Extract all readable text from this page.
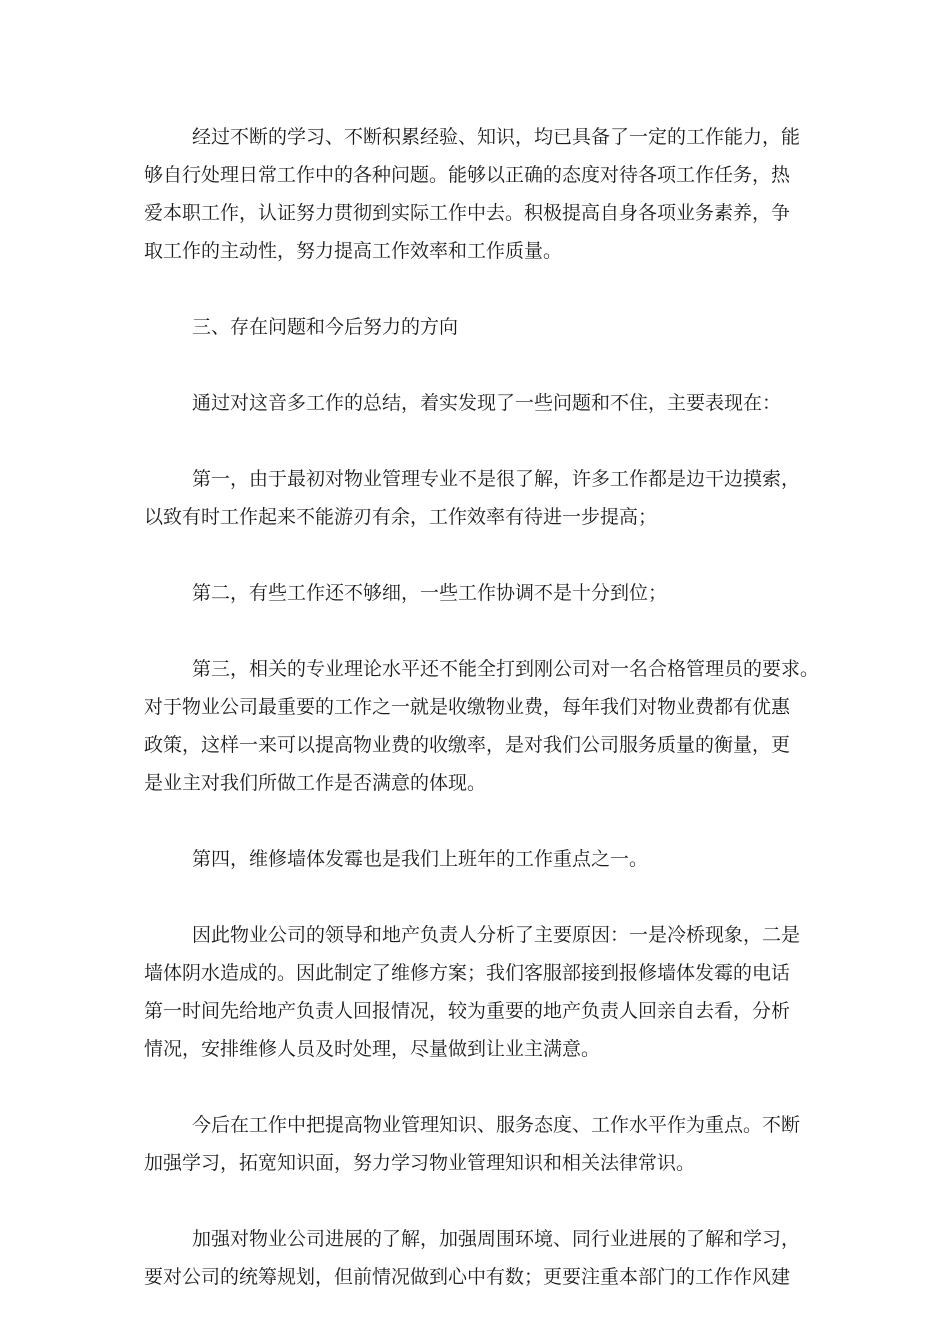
经过不断的学习、不断积累经验、知识，均已具备了一定的工作能力，能
够自行处理日常工作中的各种问题。能够以正确的态度对待各项工作任务，热
爱本职工作，认证努力贯彻到实际工作中去。积极提高自身各项业务素养，争
取工作的主动性，努力提高工作效率和工作质量。
三、存在问题和今后努力的方向
通过对这音多工作的总结，着实发现了一些问题和不住，主要表现在：
第一，由于最初对物业管理专业不是很了解，许多工作都是边干边摸索，
以致有时工作起来不能游刃有余，工作效率有待进一步提高；
第二，有些工作还不够细，一些工作协调不是十分到位；
第三，相关的专业理论水平还不能全打到刚公司对一名合格管理员的要求。
对于物业公司最重要的工作之一就是收缴物业费，每年我们对物业费都有优惠
政策，这样一来可以提高物业费的收缴率，是对我们公司服务质量的衡量，更
是业主对我们所做工作是否满意的体现。
第四，维修墙体发霉也是我们上班年的工作重点之一。
因此物业公司的领导和地产负责人分析了主要原因：一是冷桥现象，二是
墙体阴水造成的。因此制定了维修方案；我们客服部接到报修墙体发霉的电话
第一时间先给地产负责人回报情况，较为重要的地产负责人回亲自去看，分析
情况，安排维修人员及时处理，尽量做到让业主满意。
今后在工作中把提高物业管理知识、服务态度、工作水平作为重点。不断
加强学习，拓宽知识面，努力学习物业管理知识和相关法律常识。
加强对物业公司进展的了解，加强周围环境、同行业进展的了解和学习，
要对公司的统筹规划，但前情况做到心中有数；更要注重本部门的工作作风建
